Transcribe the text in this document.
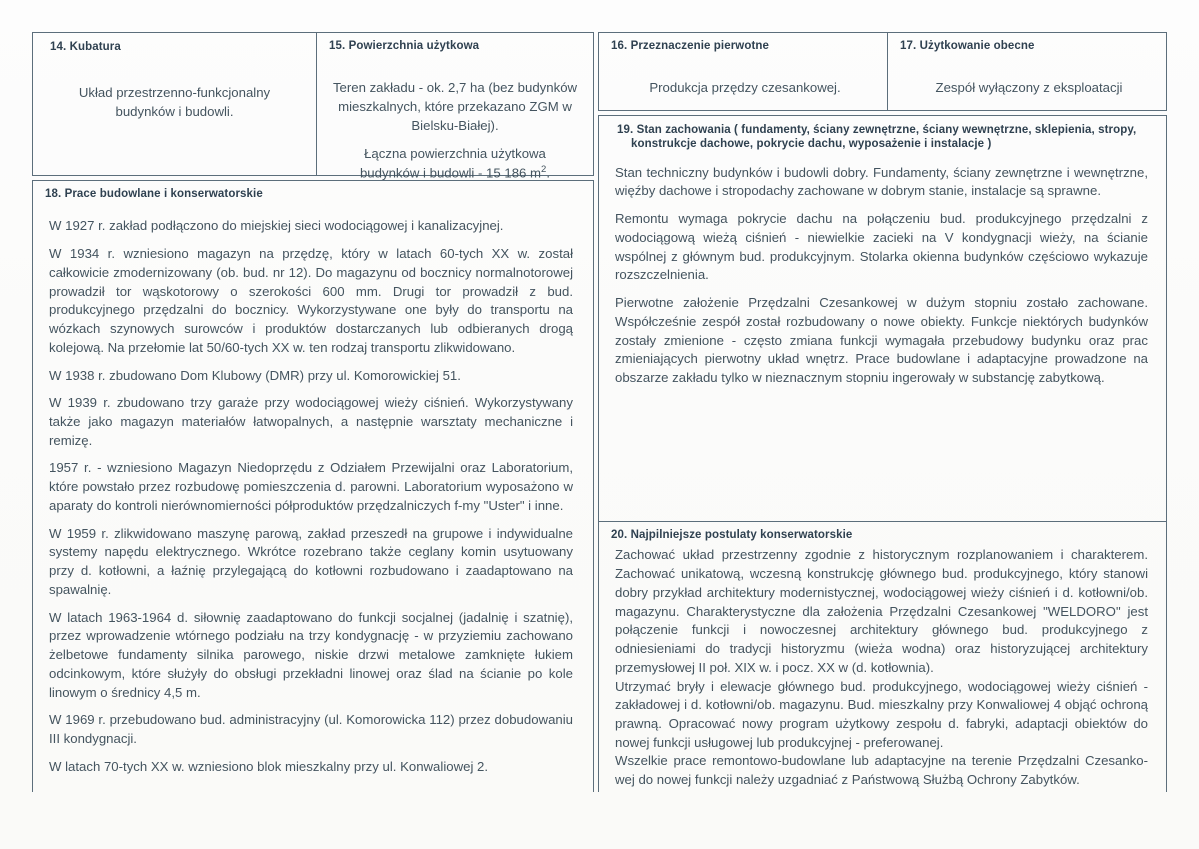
14. Kubatura

Układ przestrzenno-funkcjonalny

budynków i budowli.

15. Powierzchnia użytkowa

Teren zakładu - ok. 2,7 ha (bez budynków mieszkalnych, które przekazano ZGM w Bielsku-Białej).

Łączna powierzchnia użytkowa

budynków i budowli - 15 186 $m^2$.

18. Prace budowlane i konserwatorskie

W 1927 r. zakład podłączono do miejskiej sieci wodociągowej i kanalizacyjnej.

W 1934 r. wzniesiono magazyn na przędzę, który w latach 60-tych XX w. został całkowicie zmodernizowany (ob. bud. nr 12). Do magazynu od bocznicy normalnotorowej prowadził tor wąskotorowy o szerokości 600 mm. Drugi tor prowadził z bud. produkcyjnego przędzalni do bocznicy. Wykorzystywane one były do transportu na wózkach szynowych surowców i produktów dostarczanych lub odbieranych drogą kolejową. Na przełomie lat 50/60-tych XX w. ten rodzaj transportu zlikwidowano.

W 1938 r. zbudowano Dom Klubowy (DMR) przy ul. Komorowickiej 51.

W 1939 r. zbudowano trzy garaże przy wodociągowej wieży ciśnień. Wykorzystywany także jako magazyn materiałów łatwopalnych, a następnie warsztaty mechaniczne i remizę.

1957 r. - wzniesiono Magazyn Niedoprzędu z Odziałem Przewijalni oraz Laboratorium, które powstało przez rozbudowę pomieszczenia d. parowni. Laboratorium wyposażono w aparaty do kontroli nierównomierności półproduktów przędzalniczych f-my "Uster" i inne.

W 1959 r. zlikwidowano maszynę parową, zakład przeszedł na grupowe i indywidualne systemy napędu elektrycznego. Wkrótce rozebrano także ceglany komin usytuowany przy d. kotłowni, a łaźnię przylegającą do kotłowni rozbudowano i zaadaptowano na spawalnię.

W latach 1963-1964 d. siłownię zaadaptowano do funkcji socjalnej (jadalnię i szatnię), przez wprowadzenie wtórnego podziału na trzy kondygnację - w przyziemiu zachowano żelbetowe fundamenty silnika parowego, niskie drzwi metalowe zamknięte łukiem odcinkowym, które służyły do obsługi przekładni linowej oraz ślad na ścianie po kole linowym o średnicy 4,5 m.

W 1969 r. przebudowano bud. administracyjny (ul. Komorowicka 112) przez dobudowaniu III kondygnacji.

W latach 70-tych XX w. wzniesiono blok mieszkalny przy ul. Konwaliowej 2.

16. Przeznaczenie pierwotne

Produkcja przędzy czesankowej.

17. Użytkowanie obecne

Zespół wyłączony z eksploatacji

19. Stan zachowania ( fundamenty, ściany zewnętrzne, ściany wewnętrzne, sklepienia, stropy,
konstrukcje dachowe, pokrycie dachu, wyposażenie i instalacje )

Stan techniczny budynków i budowli dobry. Fundamenty, ściany zewnętrzne i wewnętrzne, więźby dachowe i stropodachy zachowane w dobrym stanie, instalacje są sprawne.

Remontu wymaga pokrycie dachu na połączeniu bud. produkcyjnego przędzalni z wodociągową wieżą ciśnień - niewielkie zacieki na V kondygnacji wieży, na ścianie wspólnej z głównym bud. produkcyjnym. Stolarka okienna budynków częściowo wykazuje rozszczelnienia.

Pierwotne założenie Przędzalni Czesankowej w dużym stopniu zostało zachowane. Współcześnie zespół został rozbudowany o nowe obiekty. Funkcje niektórych budynków zostały zmienione - często zmiana funkcji wymagała przebudowy budynku oraz prac zmieniających pierwotny układ wnętrz. Prace budowlane i adaptacyjne prowadzone na obszarze zakładu tylko w nieznacznym stopniu ingerowały w substancję zabytkową.

20. Najpilniejsze postulaty konserwatorskie

Zachować układ przestrzenny zgodnie z historycznym rozplanowaniem i charakterem. Zachować unikatową, wczesną konstrukcję głównego bud. produkcyjnego, który stanowi dobry przykład architektury modernistycznej, wodociągowej wieży ciśnień i d. kotłowni/ob. magazynu. Charakterystyczne dla założenia Przędzalni Czesankowej "WELDORO" jest połączenie funkcji i nowoczesnej architektury głównego bud. produkcyjnego z odniesieniami do tradycji historyzmu (wieża wodna) oraz historyzującej architektury przemysłowej II poł. XIX w. i pocz. XX w (d. kotłownia).

Utrzymać bryły i elewacje głównego bud. produkcyjnego, wodociągowej wieży ciśnień - zakładowej i d. kotłowni/ob. magazynu. Bud. mieszkalny przy Konwaliowej 4 objąć ochroną prawną. Opracować nowy program użytkowy zespołu d. fabryki, adaptacji obiektów do nowej funkcji usługowej lub produkcyjnej - preferowanej.

Wszelkie prace remontowo-budowlane lub adaptacyjne na terenie Przędzalni Czesanko-wej do nowej funkcji należy uzgadniać z Państwową Służbą Ochrony Zabytków.
